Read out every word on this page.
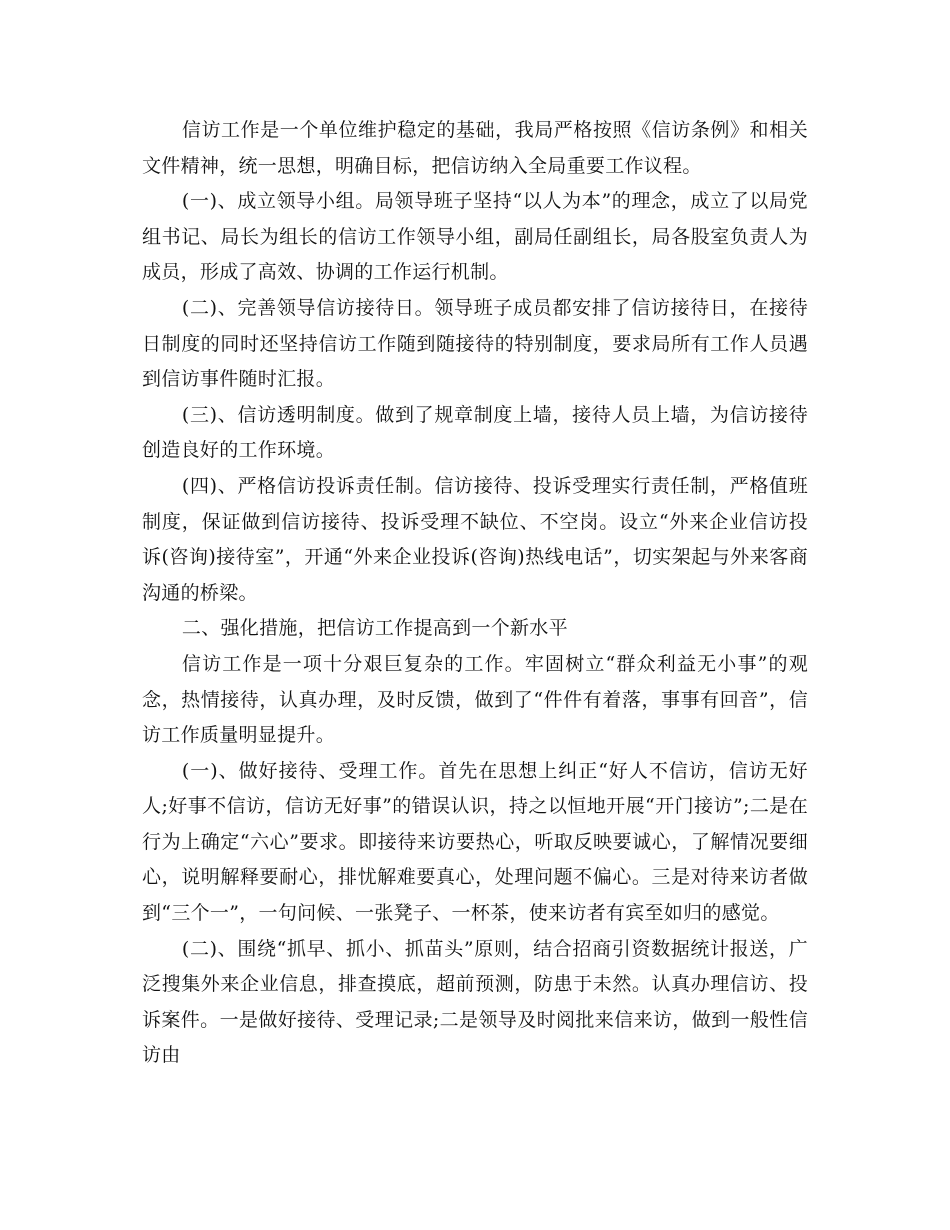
信访工作是一个单位维护稳定的基础，我局严格按照《信访条例》和相关文件精神，统一思想，明确目标，把信访纳入全局重要工作议程。

(一)、成立领导小组。局领导班子坚持“以人为本”的理念，成立了以局党组书记、局长为组长的信访工作领导小组，副局任副组长，局各股室负责人为成员，形成了高效、协调的工作运行机制。

(二)、完善领导信访接待日。领导班子成员都安排了信访接待日，在接待日制度的同时还坚持信访工作随到随接待的特别制度，要求局所有工作人员遇到信访事件随时汇报。

(三)、信访透明制度。做到了规章制度上墙，接待人员上墙，为信访接待创造良好的工作环境。

(四)、严格信访投诉责任制。信访接待、投诉受理实行责任制，严格值班制度，保证做到信访接待、投诉受理不缺位、不空岗。设立“外来企业信访投诉(咨询)接待室”，开通“外来企业投诉(咨询)热线电话”，切实架起与外来客商沟通的桥梁。

二、强化措施，把信访工作提高到一个新水平

信访工作是一项十分艰巨复杂的工作。牢固树立“群众利益无小事”的观念，热情接待，认真办理，及时反馈，做到了“件件有着落，事事有回音”，信访工作质量明显提升。

(一)、做好接待、受理工作。首先在思想上纠正“好人不信访，信访无好人;好事不信访，信访无好事”的错误认识，持之以恒地开展“开门接访”;二是在行为上确定“六心”要求。即接待来访要热心，听取反映要诚心，了解情况要细心，说明解释要耐心，排忧解难要真心，处理问题不偏心。三是对待来访者做到“三个一”，一句问候、一张凳子、一杯茶，使来访者有宾至如归的感觉。

(二)、围绕“抓早、抓小、抓苗头”原则，结合招商引资数据统计报送，广泛搜集外来企业信息，排查摸底，超前预测，防患于未然。认真办理信访、投诉案件。一是做好接待、受理记录;二是领导及时阅批来信来访，做到一般性信访由
